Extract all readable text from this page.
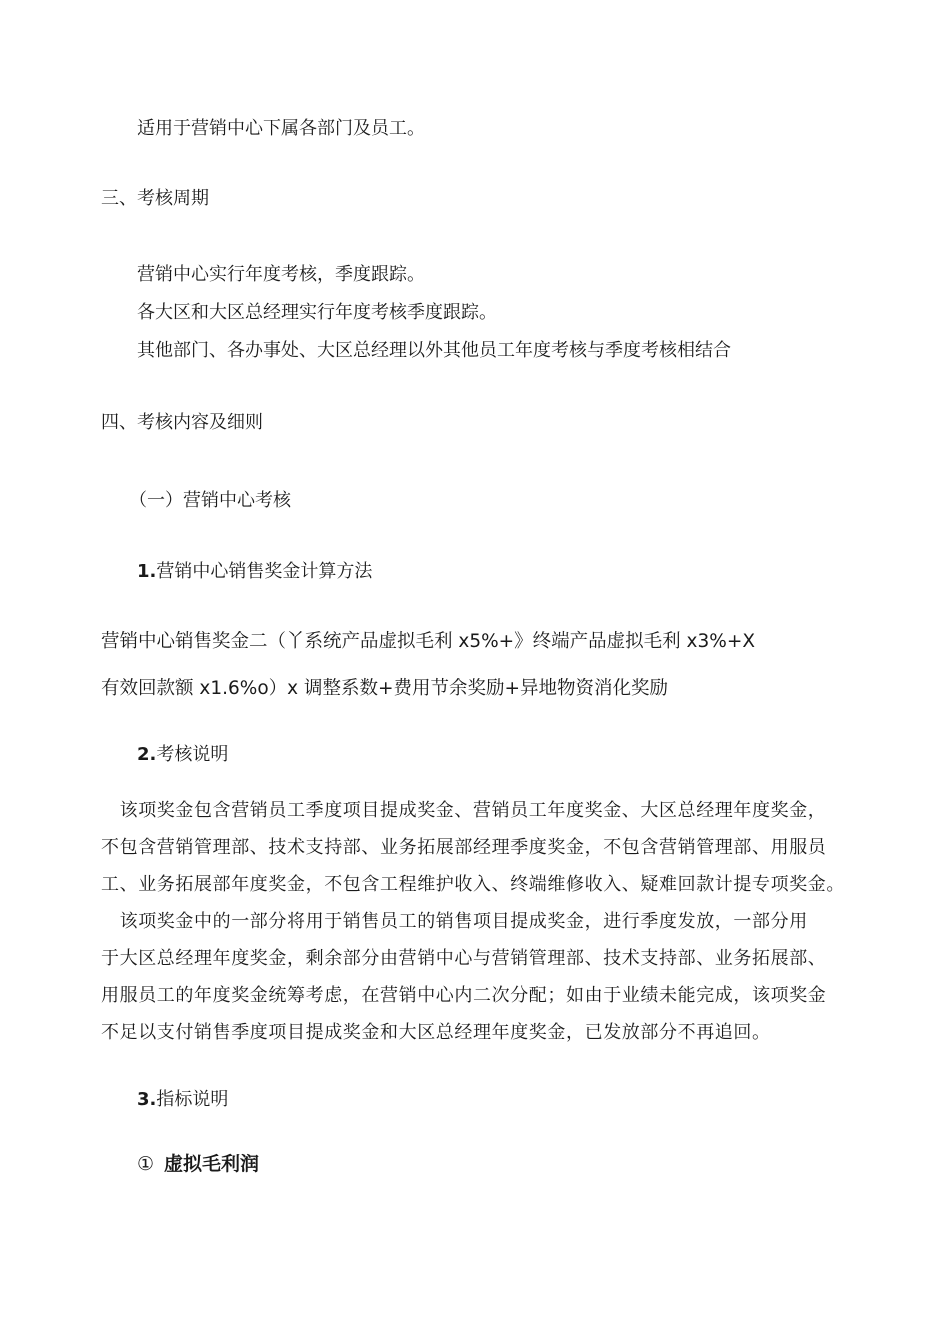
适用于营销中心下属各部门及员工。

三、考核周期

营销中心实行年度考核，季度跟踪。

各大区和大区总经理实行年度考核季度跟踪。

其他部门、各办事处、大区总经理以外其他员工年度考核与季度考核相结合

四、考核内容及细则

（一）营销中心考核

1.营销中心销售奖金计算方法

营销中心销售奖金二（丫系统产品虚拟毛利 x5%+》终端产品虚拟毛利 x3%+X

有效回款额 x1.6%o）x 调整系数+费用节余奖励+异地物资消化奖励

2.考核说明

　该项奖金包含营销员工季度项目提成奖金、营销员工年度奖金、大区总经理年度奖金，
不包含营销管理部、技术支持部、业务拓展部经理季度奖金，不包含营销管理部、用服员
工、业务拓展部年度奖金，不包含工程维护收入、终端维修收入、疑难回款计提专项奖金。
　该项奖金中的一部分将用于销售员工的销售项目提成奖金，进行季度发放，一部分用
于大区总经理年度奖金，剩余部分由营销中心与营销管理部、技术支持部、业务拓展部、
用服员工的年度奖金统筹考虑，在营销中心内二次分配；如由于业绩未能完成，该项奖金
不足以支付销售季度项目提成奖金和大区总经理年度奖金，已发放部分不再追回。

3.指标说明

① 虚拟毛利润
